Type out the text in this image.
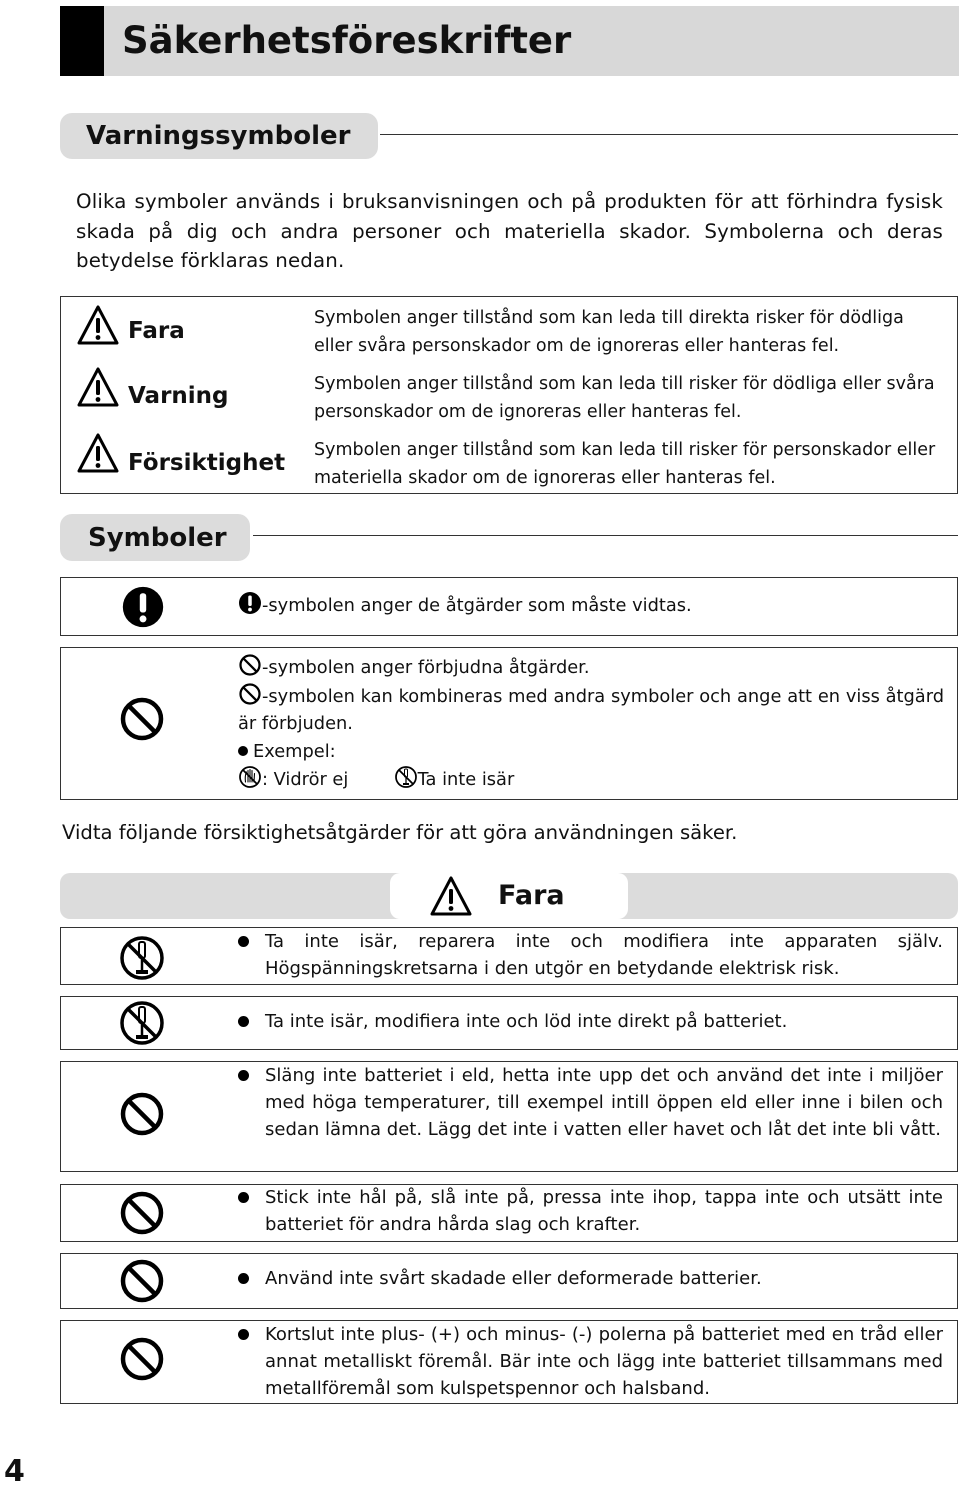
Säkerhetsföreskrifter
Varningssymboler
Olika symboler används i bruksanvisningen och på produkten för att förhindra fysisk skada på dig och andra personer och materiella skador. Symbolerna och deras betydelse förklaras nedan.
Fara	Symbolen anger tillstånd som kan leda till direkta risker för dödliga eller svåra personskador om de ignoreras eller hanteras fel.
Varning	Symbolen anger tillstånd som kan leda till risker för dödliga eller svåra personskador om de ignoreras eller hanteras fel.
Försiktighet Symbolen anger tillstånd som kan leda till risker för personskador eller materiella skador om de ignoreras eller hanteras fel.
Symboler
-symbolen anger de åtgärder som måste vidtas.
-symbolen anger förbjudna åtgärder.
-symbolen kan kombineras med andra symboler och ange att en viss åtgärd är förbjuden.
Exempel:
: Vidrör ej	Ta inte isär
Vidta följande försiktighetsåtgärder för att göra användningen säker.
Fara
Ta inte isär, reparera inte och modifiera inte apparaten själv. Högspänningskretsarna i den utgör en betydande elektrisk risk.
Ta inte isär, modifiera inte och löd inte direkt på batteriet.
Släng inte batteriet i eld, hetta inte upp det och använd det inte i miljöer med höga temperaturer, till exempel intill öppen eld eller inne i bilen och sedan lämna det. Lägg det inte i vatten eller havet och låt det inte bli vått.
Stick inte hål på, slå inte på, pressa inte ihop, tappa inte och utsätt inte batteriet för andra hårda slag och krafter.
Använd inte svårt skadade eller deformerade batterier.
Kortslut inte plus- (+) och minus- (-) polerna på batteriet med en tråd eller annat metalliskt föremål. Bär inte och lägg inte batteriet tillsammans med metallföremål som kulspetspennor och halsband.
4
